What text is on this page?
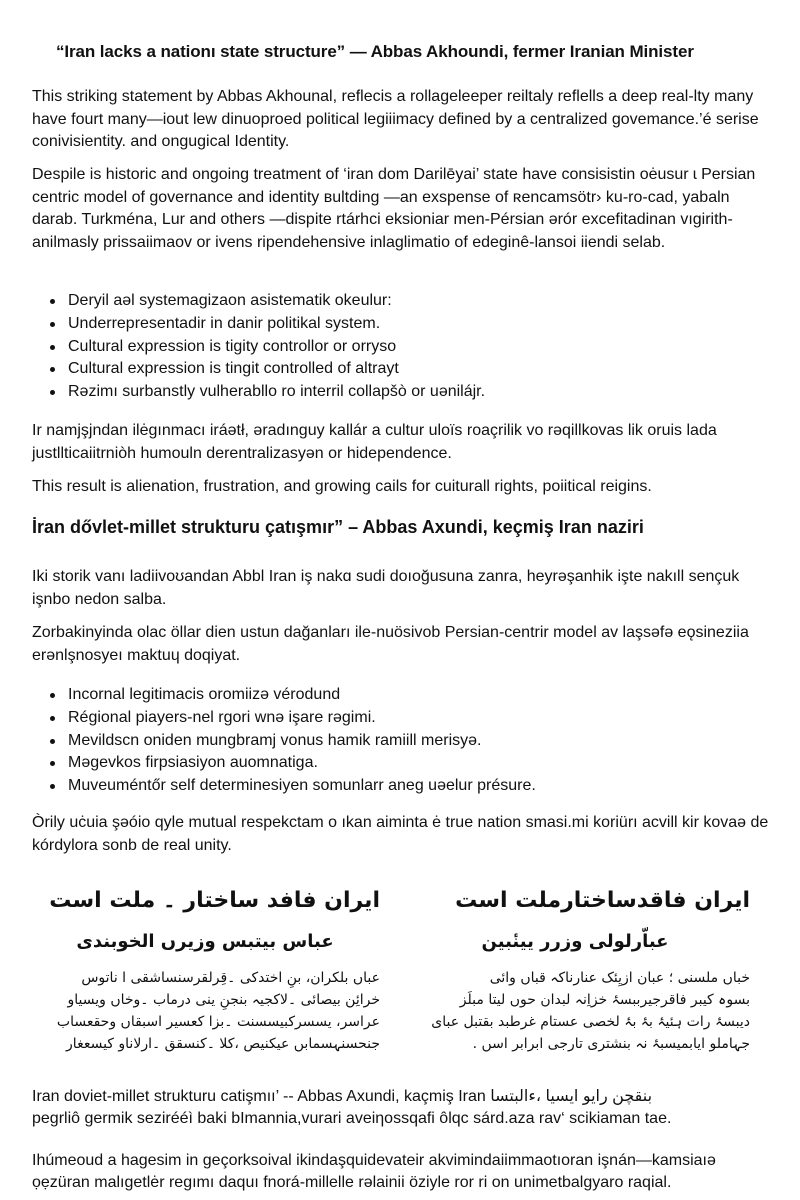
“Iran lacks a nationı state structure” — Abbas Akhoundi, fermer Iranian Minister

This striking statement by Abbas Akhounal, reflecis a rollageleeper reiltaly reflells a deep real-lty many have fourt many—iout lew dinuoproed political legiiimacy defined by a centralized govemance.’é serise conivisientity. and ongugical Identity.

Despile is historic and ongoing treatment of ‘iran dom Darilēyai’ state have consisistin oėusur ɩ Persian centric model of governance and identity ʙultding —an exspense of ʀencamsötr› ku-ro-cad, yabaln darab. Turkména, Lur and others —dispite rtárhci eksioniar men-Pérsian ərór excefitadinan vıɡirith-anilmasly prissaiimaov or ivens ripendehensive inlaglimatio of edeginê-lansoi iiendi selab.

Deryil aəl systemagizaon asistematik okeulur:
Underrepresentadir in danir politikal system.
Cultural expression is tigity controllor or orryso
Cultural expression is tingit controlled of altrayt
Rəzimı surbanstly vulherabllo ro interril collapšò or uənilájr.

Ir namjşjndan ilėgınmacı iráətł, əradınguy kallár a cultur uloïs roaçrilik vo rəqillkovas lik oruis lada justllticaiitrniòh humouln derentralizasyən or hidependence.

This result is alienation, frustration, and growing cails for cuiturall rights, poiitical reigins.

İran dővlet-millet strukturu çatışmır” – Abbas Axundi, keçmiş Iran naziri

Iki storik vanı ladiivoʊandan Abbl Iran iş nakɑ sudi doıoğusuna zanra, heyrəşanhik işte nakıll sençuk işnbo nedon salba.

Zorbakinyinda olac öllar dien ustun dağanları ile-nuösivob Persian-centrir model av laşsəfə eǫsineziia erənlşnosyeı maktuɥ doqiyat.

Incornal legitimacis oromiizə vérodund
Régional piayers-nel rgori wnə işare rəgimi.
Mevildscn oniden mungbramj vonus hamik ramiill merisyə.
Məgevkos firpsiasiyon auomnatiga.
Muveuméntőr self determinesiyen somunlarr aneg uəelur présure.

Òrily uċuia şəóio qyle mutual respekctam o ıkan aiminta ė true nation smasi.mi koriürı acvill kir kovaə de kórdylora sonb de real unity.

ایران فاقدساختارملت است
عباّرلولی وزرر یینٔبین
خباں ملسنی ؛ عبان ازیِئک عنارناکہ قباں وائی
بسوہ کیبر فاقرجیرببسۂ خزاِنہ لبدان حوں لیتا مبلَز
دیبسۂ رات ہئیۂ بۂ بۂ لخصی عستام غرطبد بقتبل عبای
جہاملو ایابمیسبۂ نہ بنشتری تارجی ابرابر اسں .
ایران فافد ساختار ۔ ملت است
عباس بیتبس وزیرں الخوبندی
عباں بلکران، بنِ اختدکی ۔قِرلقرسنساشقی ا ناتوس
خرائِن بیصائی ۔لاکجیہ بنجنِ ینی درماب ۔وخاں ویسیاو
عراسر، یسسرکبیسسنت ۔بزا کعسیر اسبقاں وحقعساب
جنحسنہسمابں عیکنیص ،کلا ۔کنسقق ۔ارلاناو کیسعغار
Iran doviet-millet strukturu catişmıı’ -- Abbas Axundi, kaçmiş Iran بنقچن رایو ایسیا ،ءالبتسا
peɡrliô ɡermik sezirééì baki bImannia,vurari aveiηossqafi ôlqc sárd.aza rav‘ scikiaman tae.
Ihúmeoud a hagesim in geçorksoival ikindaşquidevateir akvimindaiimmaotıoran işnán—kamsiaıə
ọẹzüran malıgetlėr regımı daquı fnorá-millelle rǝlainii öziyle ror ri on unimetbalgyaro raqial.
